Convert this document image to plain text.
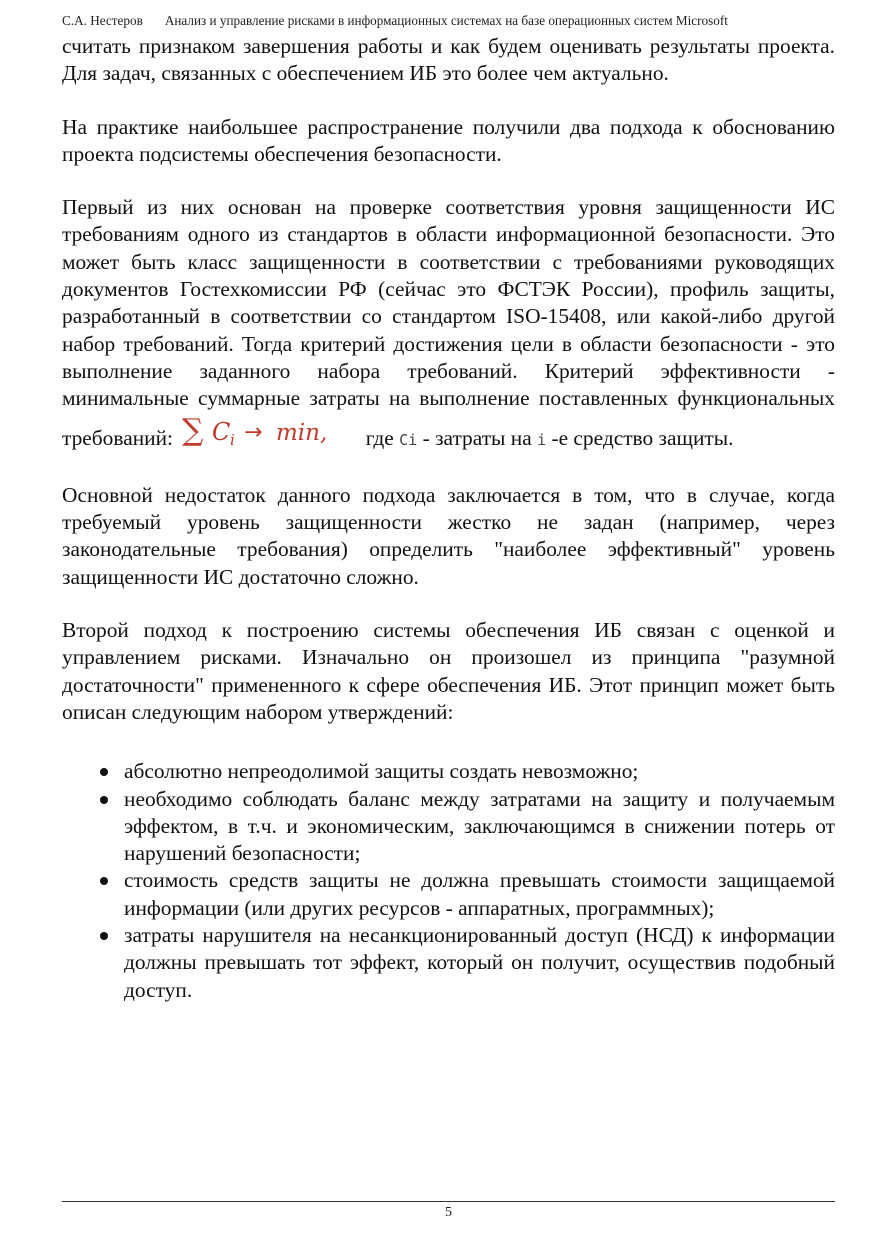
С.А. Нестеров Анализ и управление рисками в информационных системах на базе операционных систем Microsoft

считать признаком завершения работы и как будем оценивать результаты проекта. Для задач, связанных с обеспечением ИБ это более чем актуально.

На практике наибольшее распространение получили два подхода к обоснованию проекта подсистемы обеспечения безопасности.

Первый из них основан на проверке соответствия уровня защищенности ИС требованиям одного из стандартов в области информационной безопасности. Это может быть класс защищенности в соответствии с требованиями руководящих документов Гостехкомиссии РФ (сейчас это ФСТЭК России), профиль защиты, разработанный в соответствии со стандартом ISO-15408, или какой-либо другой набор требований. Тогда критерий достижения цели в области безопасности - это выполнение заданного набора требований. Критерий эффективности - минимальные суммарные затраты на выполнение поставленных функциональных требований: ∑ C i → min, где Ci - затраты на i -е средство защиты.

Основной недостаток данного подхода заключается в том, что в случае, когда требуемый уровень защищенности жестко не задан (например, через законодательные требования) определить "наиболее эффективный" уровень защищенности ИС достаточно сложно.

Второй подход к построению системы обеспечения ИБ связан с оценкой и управлением рисками. Изначально он произошел из принципа "разумной достаточности" примененного к сфере обеспечения ИБ. Этот принцип может быть описан следующим набором утверждений:

абсолютно непреодолимой защиты создать невозможно;
необходимо соблюдать баланс между затратами на защиту и получаемым эффектом, в т.ч. и экономическим, заключающимся в снижении потерь от нарушений безопасности;
стоимость средств защиты не должна превышать стоимости защищаемой информации (или других ресурсов - аппаратных, программных);
затраты нарушителя на несанкционированный доступ (НСД) к информации должны превышать тот эффект, который он получит, осуществив подобный доступ.
5
